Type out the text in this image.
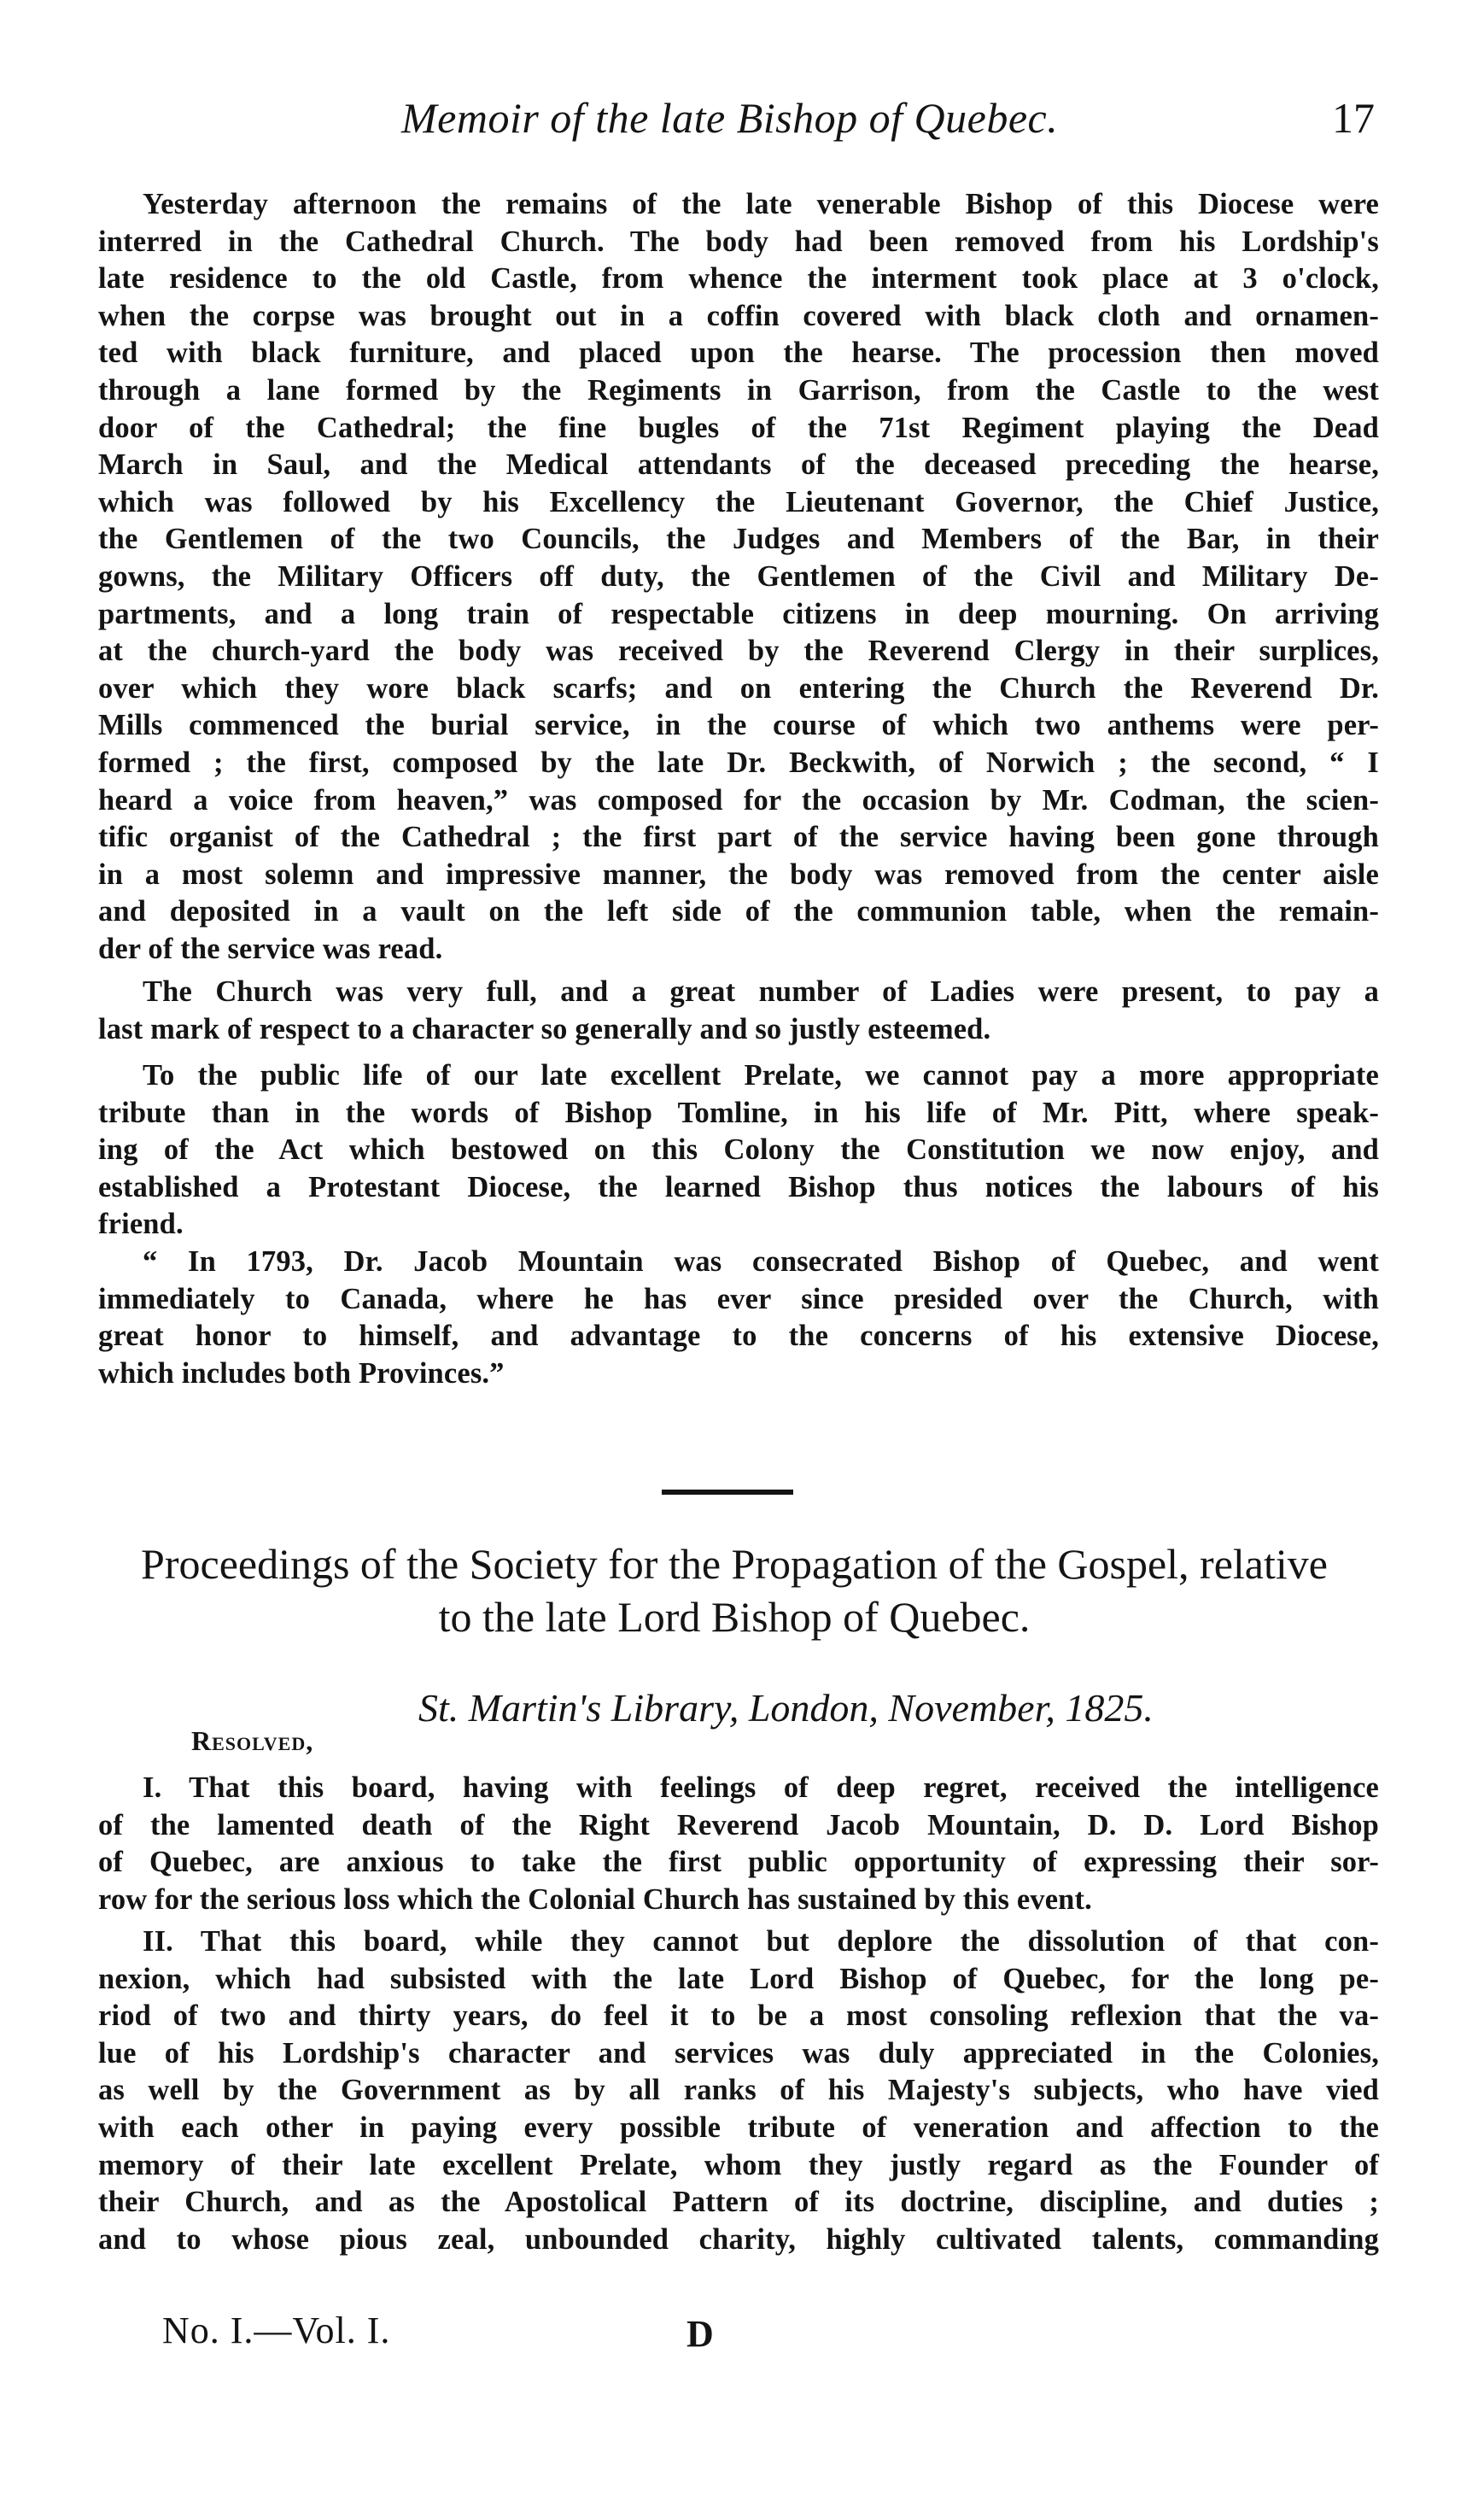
Memoir of the late Bishop of Quebec.	17

Yesterday afternoon the remains of the late venerable Bishop of this Diocese were
interred in the Cathedral Church. The body had been removed from his Lordship's
late residence to the old Castle, from whence the interment took place at 3 o'clock,
when the corpse was brought out in a coffin covered with black cloth and ornamen-
ted with black furniture, and placed upon the hearse. The procession then moved
through a lane formed by the Regiments in Garrison, from the Castle to the west
door of the Cathedral; the fine bugles of the 71st Regiment playing the Dead
March in Saul, and the Medical attendants of the deceased preceding the hearse,
which was followed by his Excellency the Lieutenant Governor, the Chief Justice,
the Gentlemen of the two Councils, the Judges and Members of the Bar, in their
gowns, the Military Officers off duty, the Gentlemen of the Civil and Military De-
partments, and a long train of respectable citizens in deep mourning. On arriving
at the church-yard the body was received by the Reverend Clergy in their surplices,
over which they wore black scarfs; and on entering the Church the Reverend Dr.
Mills commenced the burial service, in the course of which two anthems were per-
formed ; the first, composed by the late Dr. Beckwith, of Norwich ; the second, “ I
heard a voice from heaven,” was composed for the occasion by Mr. Codman, the scien-
tific organist of the Cathedral ; the first part of the service having been gone through
in a most solemn and impressive manner, the body was removed from the center aisle
and deposited in a vault on the left side of the communion table, when the remain-
der of the service was read.

The Church was very full, and a great number of Ladies were present, to pay a
last mark of respect to a character so generally and so justly esteemed.

To the public life of our late excellent Prelate, we cannot pay a more appropriate
tribute than in the words of Bishop Tomline, in his life of Mr. Pitt, where speak-
ing of the Act which bestowed on this Colony the Constitution we now enjoy, and
established a Protestant Diocese, the learned Bishop thus notices the labours of his
friend.

“ In 1793, Dr. Jacob Mountain was consecrated Bishop of Quebec, and went
immediately to Canada, where he has ever since presided over the Church, with
great honor to himself, and advantage to the concerns of his extensive Diocese,
which includes both Provinces.”

Proceedings of the Society for the Propagation of the Gospel, relative
to the late Lord Bishop of Quebec.
St. Martin's Library, London, November, 1825.
Resolved,

I. That this board, having with feelings of deep regret, received the intelligence
of the lamented death of the Right Reverend Jacob Mountain, D. D. Lord Bishop
of Quebec, are anxious to take the first public opportunity of expressing their sor-
row for the serious loss which the Colonial Church has sustained by this event.

II. That this board, while they cannot but deplore the dissolution of that con-
nexion, which had subsisted with the late Lord Bishop of Quebec, for the long pe-
riod of two and thirty years, do feel it to be a most consoling reflexion that the va-
lue of his Lordship's character and services was duly appreciated in the Colonies,
as well by the Government as by all ranks of his Majesty's subjects, who have vied
with each other in paying every possible tribute of veneration and affection to the
memory of their late excellent Prelate, whom they justly regard as the Founder of
their Church, and as the Apostolical Pattern of its doctrine, discipline, and duties ;
and to whose pious zeal, unbounded charity, highly cultivated talents, commanding

No. I.—Vol. I.	D
